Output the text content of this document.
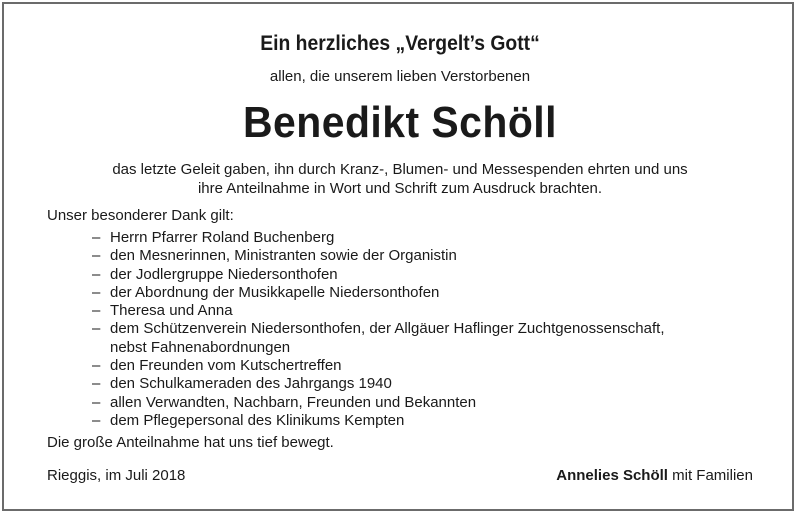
Ein herzliches „Vergelt’s Gott“
allen, die unserem lieben Verstorbenen
Benedikt Schöll
das letzte Geleit gaben, ihn durch Kranz-, Blumen- und Messespenden ehrten und uns
ihre Anteilnahme in Wort und Schrift zum Ausdruck brachten.
Unser besonderer Dank gilt:
– Herrn Pfarrer Roland Buchenberg
– den Mesnerinnen, Ministranten sowie der Organistin
– der Jodlergruppe Niedersonthofen
– der Abordnung der Musikkapelle Niedersonthofen
– Theresa und Anna
– dem Schützenverein Niedersonthofen, der Allgäuer Haflinger Zuchtgenossenschaft,
nebst Fahnenabordnungen
– den Freunden vom Kutschertreffen
– den Schulkameraden des Jahrgangs 1940
– allen Verwandten, Nachbarn, Freunden und Bekannten
– dem Pflegepersonal des Klinikums Kempten
Die große Anteilnahme hat uns tief bewegt.
Rieggis, im Juli 2018	Annelies Schöll mit Familien
